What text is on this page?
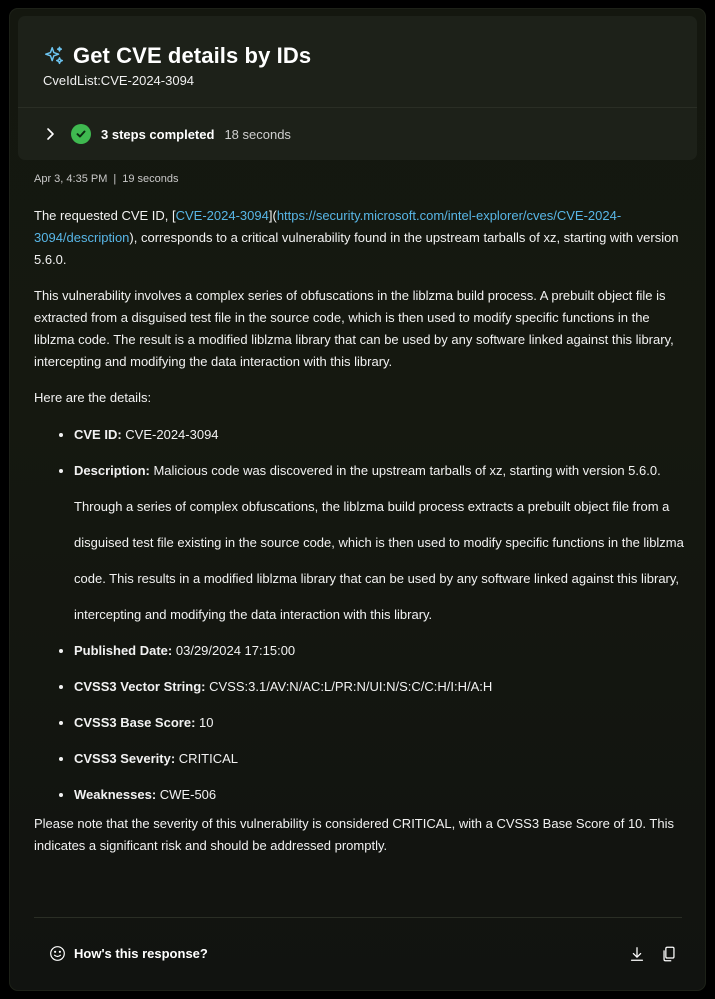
Get CVE details by IDs
CveIdList:CVE-2024-3094
3 steps completed 18 seconds
Apr 3, 4:35 PM | 19 seconds

The requested CVE ID, [CVE-2024-3094](https://security.microsoft.com/intel-explorer/cves/CVE-2024-3094/description), corresponds to a critical vulnerability found in the upstream tarballs of xz, starting with version 5.6.0.

This vulnerability involves a complex series of obfuscations in the liblzma build process. A prebuilt object file is extracted from a disguised test file in the source code, which is then used to modify specific functions in the liblzma code. The result is a modified liblzma library that can be used by any software linked against this library, intercepting and modifying the data interaction with this library.

Here are the details:

• CVE ID: CVE-2024-3094
• Description: Malicious code was discovered in the upstream tarballs of xz, starting with version 5.6.0. Through a series of complex obfuscations, the liblzma build process extracts a prebuilt object file from a disguised test file existing in the source code, which is then used to modify specific functions in the liblzma code. This results in a modified liblzma library that can be used by any software linked against this library, intercepting and modifying the data interaction with this library.
• Published Date: 03/29/2024 17:15:00
• CVSS3 Vector String: CVSS:3.1/AV:N/AC:L/PR:N/UI:N/S:C/C:H/I:H/A:H
• CVSS3 Base Score: 10
• CVSS3 Severity: CRITICAL
• Weaknesses: CWE-506

Please note that the severity of this vulnerability is considered CRITICAL, with a CVSS3 Base Score of 10. This indicates a significant risk and should be addressed promptly.

How's this response?
